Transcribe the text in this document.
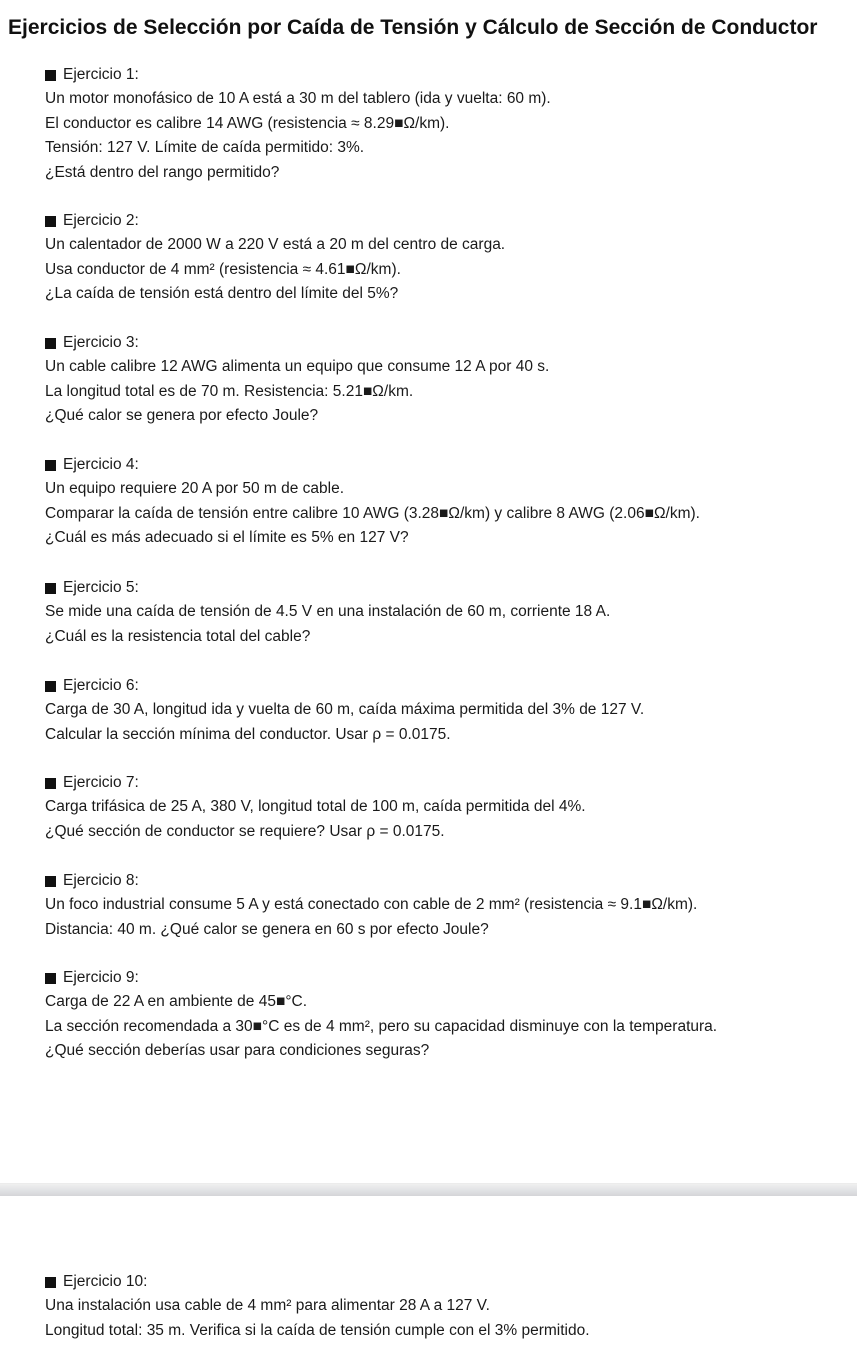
Ejercicios de Selección por Caída de Tensión y Cálculo de Sección de Conductor
Ejercicio 1:
Un motor monofásico de 10 A está a 30 m del tablero (ida y vuelta: 60 m).
El conductor es calibre 14 AWG (resistencia ≈ 8.29■Ω/km).
Tensión: 127 V. Límite de caída permitido: 3%.
¿Está dentro del rango permitido?
Ejercicio 2:
Un calentador de 2000 W a 220 V está a 20 m del centro de carga.
Usa conductor de 4 mm² (resistencia ≈ 4.61■Ω/km).
¿La caída de tensión está dentro del límite del 5%?
Ejercicio 3:
Un cable calibre 12 AWG alimenta un equipo que consume 12 A por 40 s.
La longitud total es de 70 m. Resistencia: 5.21■Ω/km.
¿Qué calor se genera por efecto Joule?
Ejercicio 4:
Un equipo requiere 20 A por 50 m de cable.
Comparar la caída de tensión entre calibre 10 AWG (3.28■Ω/km) y calibre 8 AWG (2.06■Ω/km).
¿Cuál es más adecuado si el límite es 5% en 127 V?
Ejercicio 5:
Se mide una caída de tensión de 4.5 V en una instalación de 60 m, corriente 18 A.
¿Cuál es la resistencia total del cable?
Ejercicio 6:
Carga de 30 A, longitud ida y vuelta de 60 m, caída máxima permitida del 3% de 127 V.
Calcular la sección mínima del conductor. Usar ρ = 0.0175.
Ejercicio 7:
Carga trifásica de 25 A, 380 V, longitud total de 100 m, caída permitida del 4%.
¿Qué sección de conductor se requiere? Usar ρ = 0.0175.
Ejercicio 8:
Un foco industrial consume 5 A y está conectado con cable de 2 mm² (resistencia ≈ 9.1■Ω/km).
Distancia: 40 m. ¿Qué calor se genera en 60 s por efecto Joule?
Ejercicio 9:
Carga de 22 A en ambiente de 45■°C.
La sección recomendada a 30■°C es de 4 mm², pero su capacidad disminuye con la temperatura.
¿Qué sección deberías usar para condiciones seguras?
Ejercicio 10:
Una instalación usa cable de 4 mm² para alimentar 28 A a 127 V.
Longitud total: 35 m. Verifica si la caída de tensión cumple con el 3% permitido.
